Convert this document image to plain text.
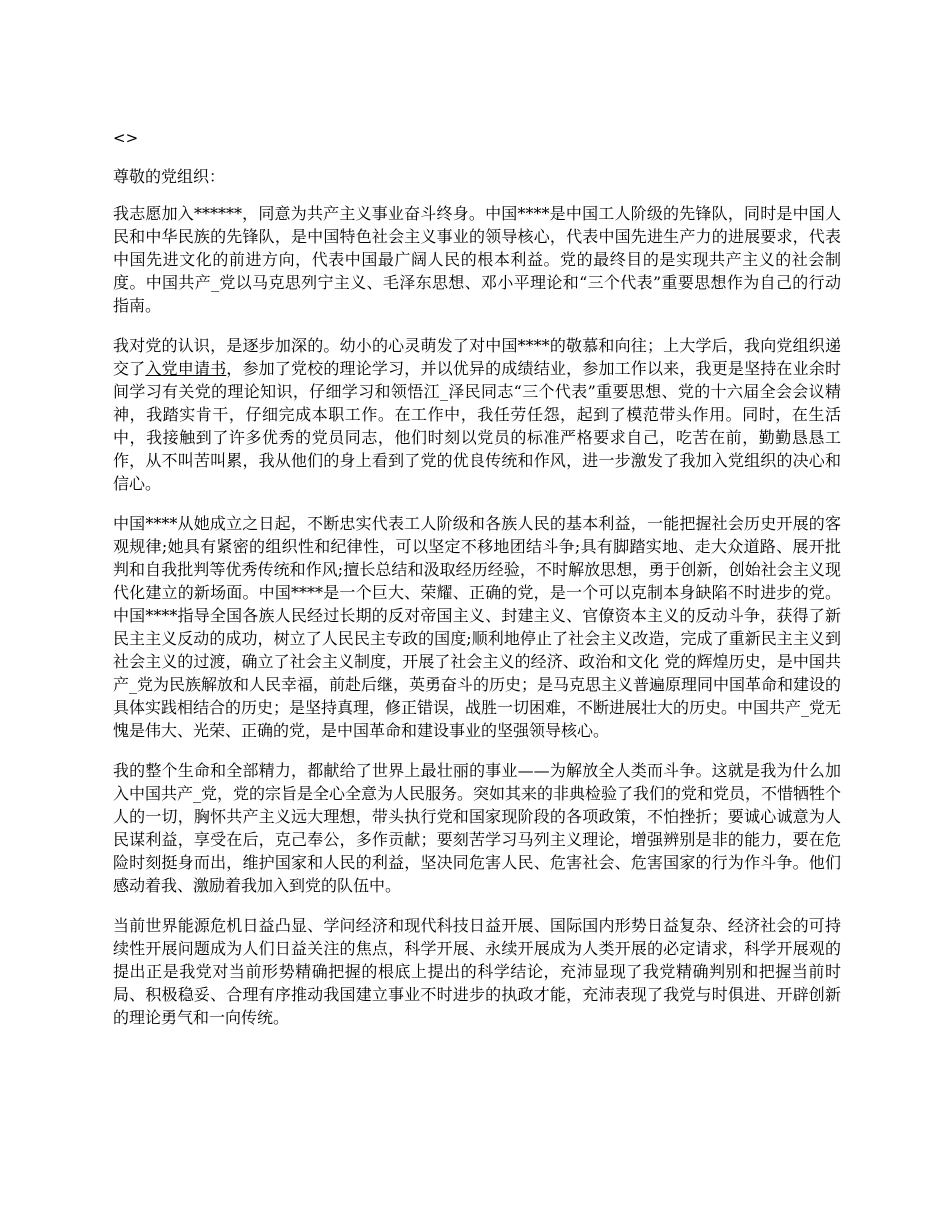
<>
尊敬的党组织：

我志愿加入******，同意为共产主义事业奋斗终身。中国****是中国工人阶级的先锋队，同时是中国人民和中华民族的先锋队，是中国特色社会主义事业的领导核心，代表中国先进生产力的进展要求，代表中国先进文化的前进方向，代表中国最广阔人民的根本利益。党的最终目的是实现共产主义的社会制度。中国共产_党以马克思列宁主义、毛泽东思想、邓小平理论和“三个代表”重要思想作为自己的行动指南。

我对党的认识，是逐步加深的。幼小的心灵萌发了对中国****的敬慕和向往；上大学后，我向党组织递交了入党申请书，参加了党校的理论学习，并以优异的成绩结业，参加工作以来，我更是坚持在业余时间学习有关党的理论知识，仔细学习和领悟江_泽民同志“三个代表”重要思想、党的十六届全会会议精神，我踏实肯干，仔细完成本职工作。在工作中，我任劳任怨，起到了模范带头作用。同时，在生活中，我接触到了许多优秀的党员同志，他们时刻以党员的标准严格要求自己，吃苦在前，勤勤恳恳工作，从不叫苦叫累，我从他们的身上看到了党的优良传统和作风，进一步激发了我加入党组织的决心和信心。

中国****从她成立之日起，不断忠实代表工人阶级和各族人民的基本利益，一能把握社会历史开展的客观规律;她具有紧密的组织性和纪律性，可以坚定不移地团结斗争;具有脚踏实地、走大众道路、展开批判和自我批判等优秀传统和作风;擅长总结和汲取经历经验，不时解放思想，勇于创新，创始社会主义现代化建立的新场面。中国****是一个巨大、荣耀、正确的党，是一个可以克制本身缺陷不时进步的党。中国****指导全国各族人民经过长期的反对帝国主义、封建主义、官僚资本主义的反动斗争，获得了新民主主义反动的成功，树立了人民民主专政的国度;顺利地停止了社会主义改造，完成了重新民主主义到社会主义的过渡，确立了社会主义制度，开展了社会主义的经济、政治和文化 党的辉煌历史，是中国共产_党为民族解放和人民幸福，前赴后继，英勇奋斗的历史；是马克思主义普遍原理同中国革命和建设的具体实践相结合的历史；是坚持真理，修正错误，战胜一切困难，不断进展壮大的历史。中国共产_党无愧是伟大、光荣、正确的党，是中国革命和建设事业的坚强领导核心。

我的整个生命和全部精力，都献给了世界上最壮丽的事业——为解放全人类而斗争。这就是我为什么加入中国共产_党，党的宗旨是全心全意为人民服务。突如其来的非典检验了我们的党和党员，不惜牺牲个人的一切，胸怀共产主义远大理想，带头执行党和国家现阶段的各项政策，不怕挫折；要诚心诚意为人民谋利益，享受在后，克己奉公，多作贡献；要刻苦学习马列主义理论，增强辨别是非的能力，要在危险时刻挺身而出，维护国家和人民的利益，坚决同危害人民、危害社会、危害国家的行为作斗争。他们感动着我、激励着我加入到党的队伍中。

当前世界能源危机日益凸显、学问经济和现代科技日益开展、国际国内形势日益复杂、经济社会的可持续性开展问题成为人们日益关注的焦点，科学开展、永续开展成为人类开展的必定请求，科学开展观的提出正是我党对当前形势精确把握的根底上提出的科学结论，充沛显现了我党精确判别和把握当前时局、积极稳妥、合理有序推动我国建立事业不时进步的执政才能，充沛表现了我党与时俱进、开辟创新的理论勇气和一向传统。
